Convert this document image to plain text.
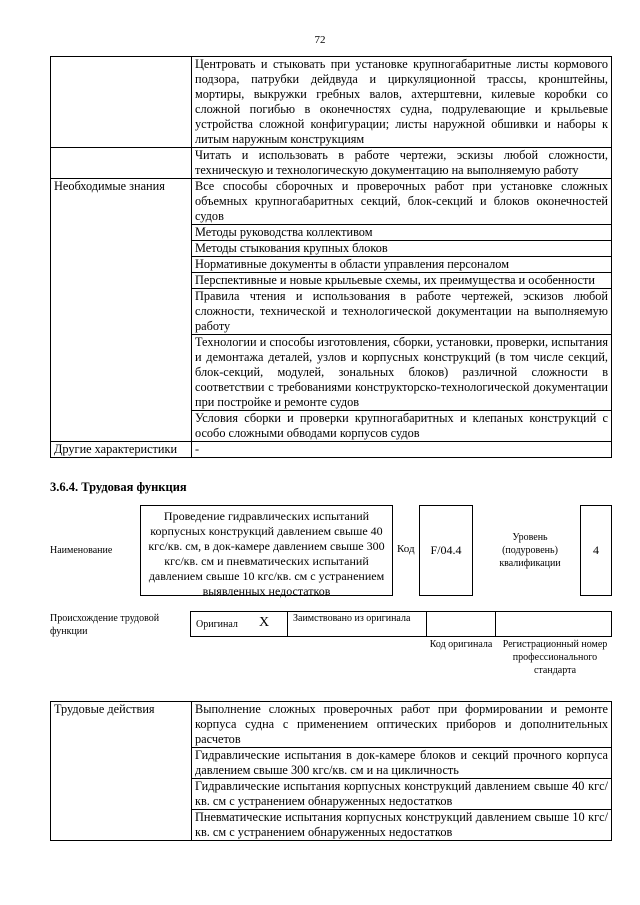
72
	Центровать и стыковать при установке крупногабаритные листы кормового подзора, патрубки дейдвуда и циркуляционной трассы, кронштейны, мортиры, выкружки гребных валов, ахтерштевни, килевые коробки со сложной погибью в оконечностях судна, подрулевающие и крыльевые устройства сложной конфигурации; листы наружной обшивки и наборы к литым наружным конструкциям
	Читать и использовать в работе чертежи, эскизы любой сложности, техническую и технологическую документацию на выполняемую работу
Необходимые знания	Все способы сборочных и проверочных работ при установке сложных объемных крупногабаритных секций, блок-секций и блоков оконечностей судов
	Методы руководства коллективом
	Методы стыкования крупных блоков
	Нормативные документы в области управления персоналом
	Перспективные и новые крыльевые схемы, их преимущества и особенности
	Правила чтения и использования в работе чертежей, эскизов любой сложности, технической и технологической документации на выполняемую работу
	Технологии и способы изготовления, сборки, установки, проверки, испытания и демонтажа деталей, узлов и корпусных конструкций (в том числе секций, блок-секций, модулей, зональных блоков) различной сложности в соответствии с требованиями конструкторско-технологической документации при постройке и ремонте судов
	Условия сборки и проверки крупногабаритных и клепаных конструкций с особо сложными обводами корпусов судов
Другие характеристики	-
3.6.4. Трудовая функция
Наименование
Проведение гидравлических испытаний корпусных конструкций давлением свыше 40 кгс/кв. см, в док-камере давлением свыше 300 кгс/кв. см и пневматических испытаний давлением свыше 10 кгс/кв. см с устранением выявленных недостатков
Код F/04.4
Уровень (подуровень) квалификации
4
Происхождение трудовой функции
Оригинал X Заимствовано из оригинала
Код оригинала Регистрационный номер профессионального стандарта
Трудовые действия	Выполнение сложных проверочных работ при формировании и ремонте корпуса судна с применением оптических приборов и дополнительных расчетов
Гидравлические испытания в док-камере блоков и секций прочного корпуса давлением свыше 300 кгс/кв. см и на цикличность
Гидравлические испытания корпусных конструкций давлением свыше 40 кгс/кв. см с устранением обнаруженных недостатков
Пневматические испытания корпусных конструкций давлением свыше 10 кгс/кв. см с устранением обнаруженных недостатков
